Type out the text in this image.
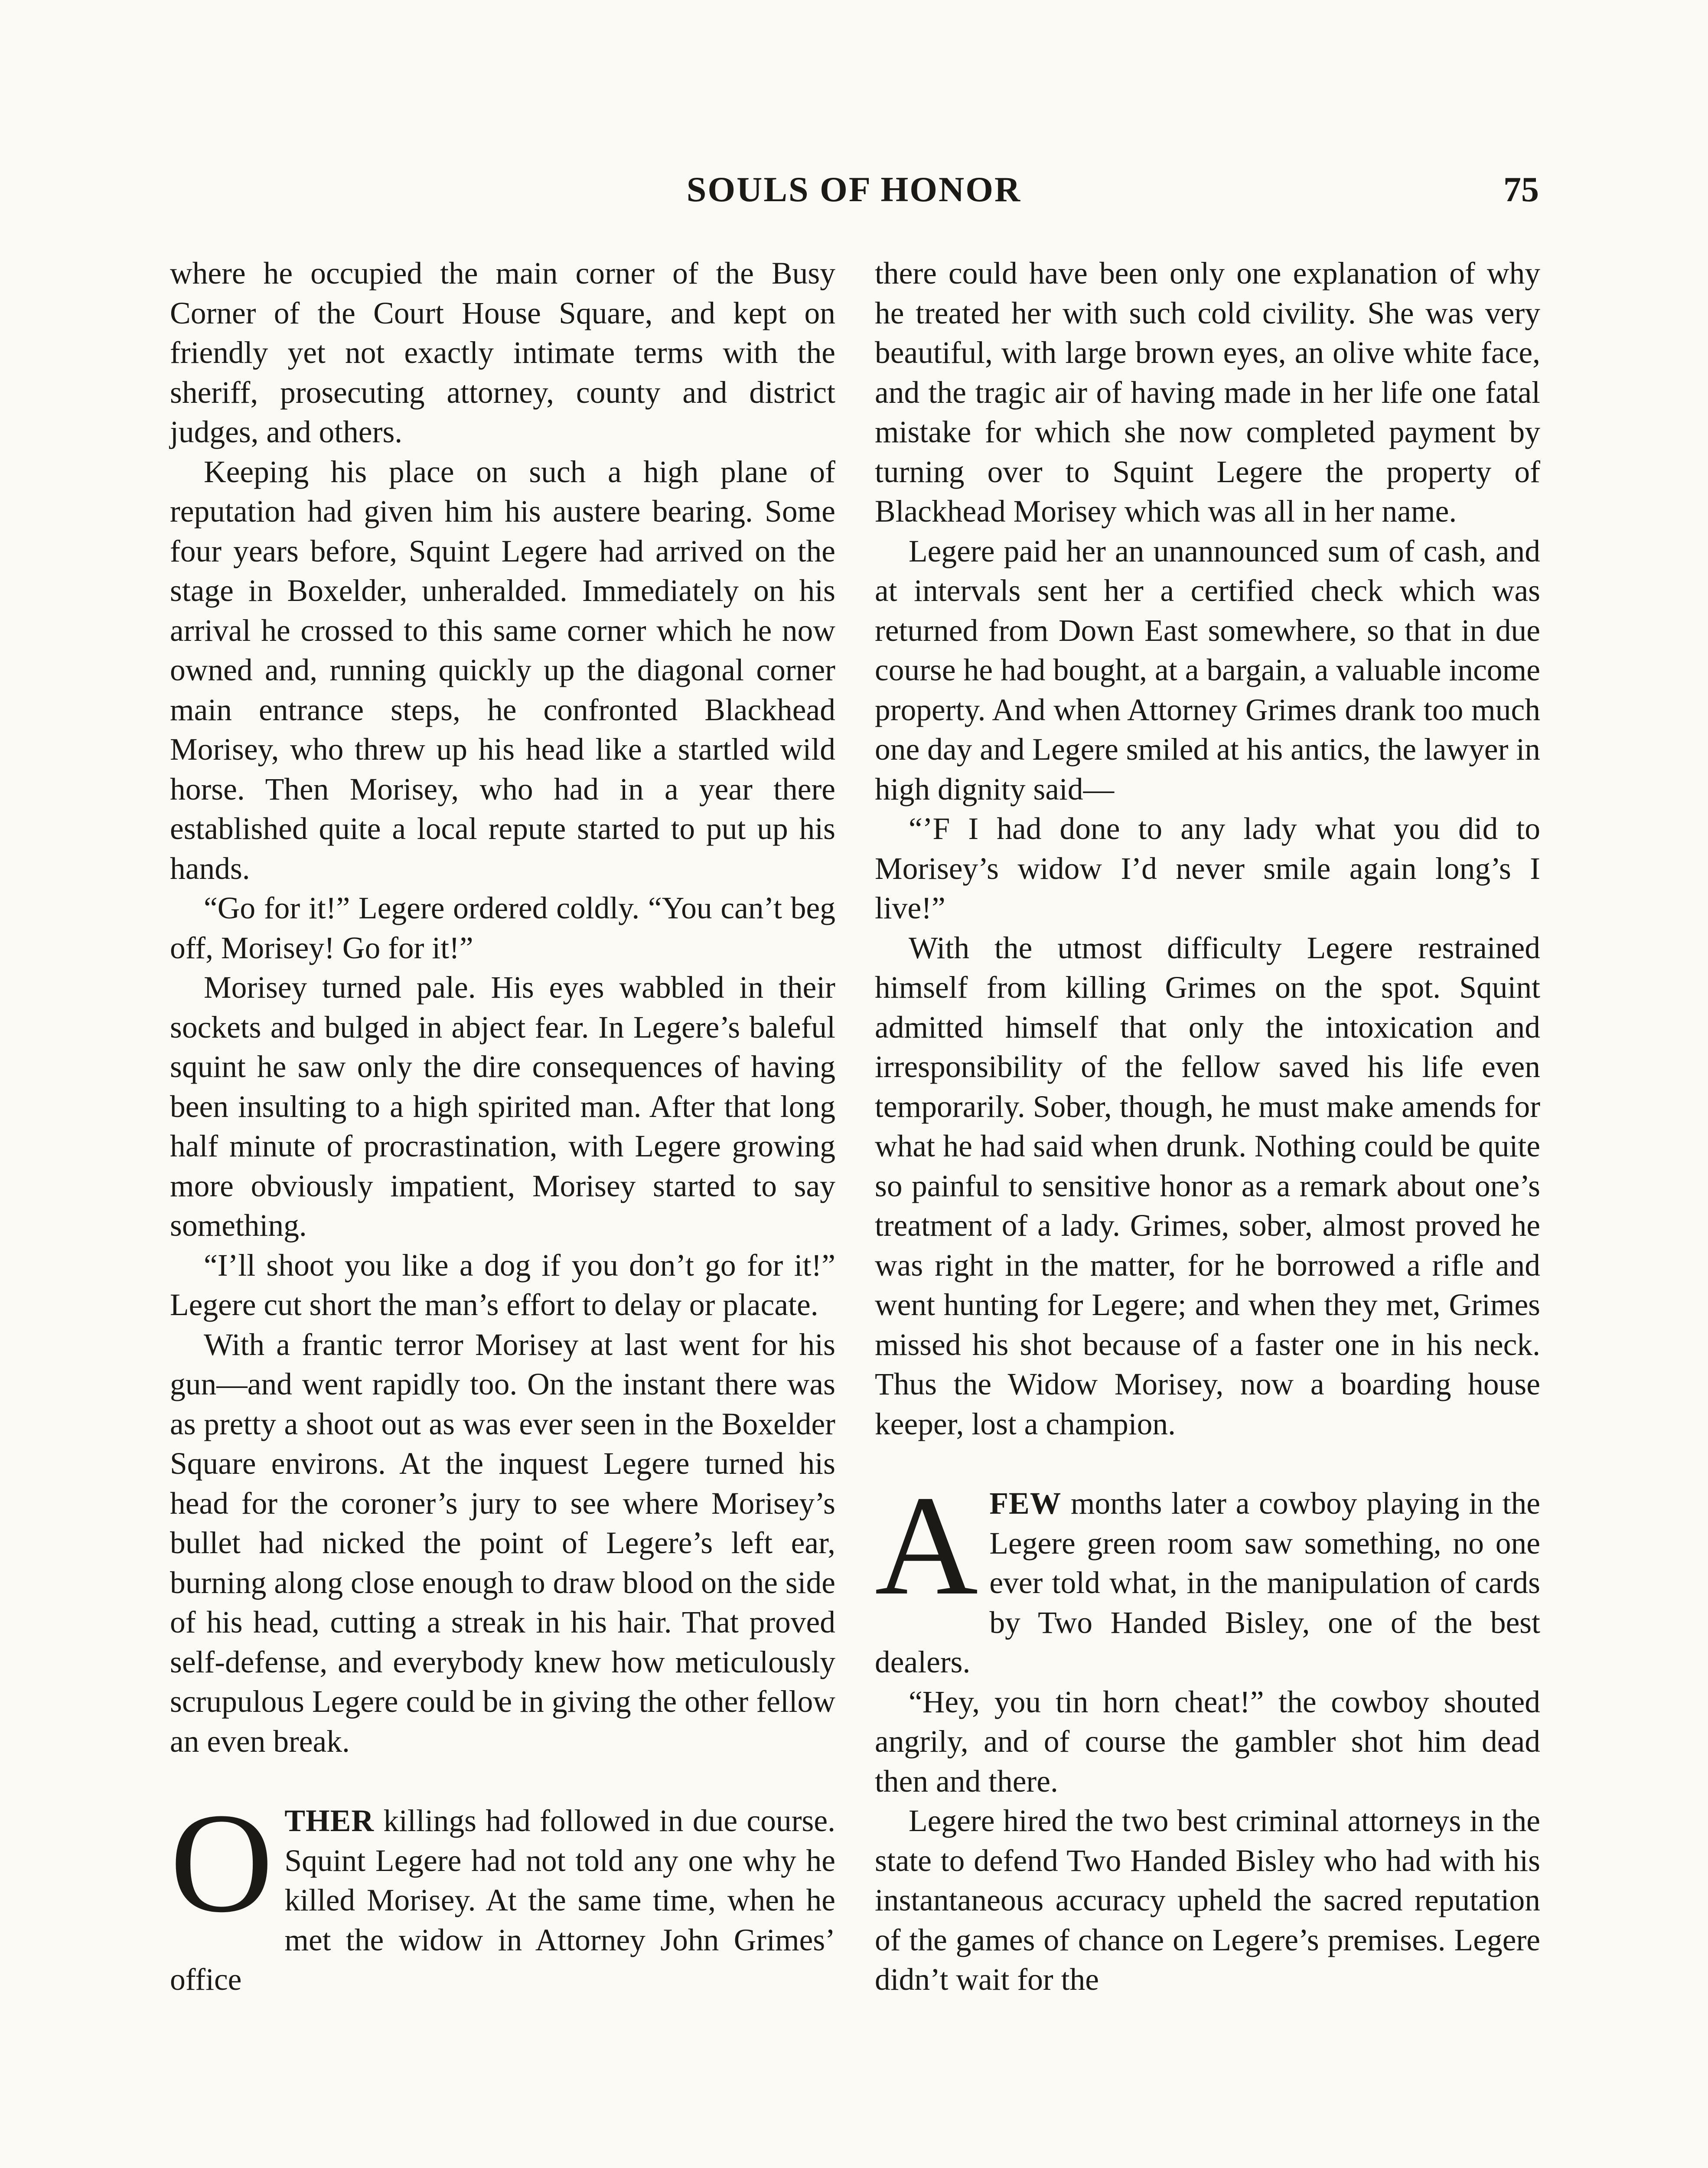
SOULS OF HONOR	75

where he occupied the main corner of the Busy Corner of the Court House Square, and kept on friendly yet not exactly intimate terms with the sheriff, prosecuting attorney, county and district judges, and others.

Keeping his place on such a high plane of reputation had given him his austere bearing. Some four years before, Squint Legere had arrived on the stage in Boxelder, unheralded. Immediately on his arrival he crossed to this same corner which he now owned and, running quickly up the diagonal corner main entrance steps, he confronted Blackhead Morisey, who threw up his head like a startled wild horse. Then Morisey, who had in a year there established quite a local repute started to put up his hands.

“Go for it!” Legere ordered coldly. “You can’t beg off, Morisey! Go for it!”

Morisey turned pale. His eyes wabbled in their sockets and bulged in abject fear. In Legere’s baleful squint he saw only the dire consequences of having been insulting to a high spirited man. After that long half minute of procrastination, with Legere growing more obviously impatient, Morisey started to say something.

“I’ll shoot you like a dog if you don’t go for it!” Legere cut short the man’s effort to delay or placate.

With a frantic terror Morisey at last went for his gun—and went rapidly too. On the instant there was as pretty a shoot out as was ever seen in the Boxelder Square environs. At the inquest Legere turned his head for the coroner’s jury to see where Morisey’s bullet had nicked the point of Legere’s left ear, burning along close enough to draw blood on the side of his head, cutting a streak in his hair. That proved self-defense, and everybody knew how meticulously scrupulous Legere could be in giving the other fellow an even break.

OTHER killings had followed in due course. Squint Legere had not told any one why he killed Morisey. At the same time, when he met the widow in Attorney John Grimes’ office

there could have been only one explanation of why he treated her with such cold civility. She was very beautiful, with large brown eyes, an olive white face, and the tragic air of having made in her life one fatal mistake for which she now completed payment by turning over to Squint Legere the property of Blackhead Morisey which was all in her name.

Legere paid her an unannounced sum of cash, and at intervals sent her a certified check which was returned from Down East somewhere, so that in due course he had bought, at a bargain, a valuable income property. And when Attorney Grimes drank too much one day and Legere smiled at his antics, the lawyer in high dignity said—

“’F I had done to any lady what you did to Morisey’s widow I’d never smile again long’s I live!”

With the utmost difficulty Legere restrained himself from killing Grimes on the spot. Squint admitted himself that only the intoxication and irresponsibility of the fellow saved his life even temporarily. Sober, though, he must make amends for what he had said when drunk. Nothing could be quite so painful to sensitive honor as a remark about one’s treatment of a lady. Grimes, sober, almost proved he was right in the matter, for he borrowed a rifle and went hunting for Legere; and when they met, Grimes missed his shot because of a faster one in his neck. Thus the Widow Morisey, now a boarding house keeper, lost a champion.

AFEW months later a cowboy playing in the Legere green room saw something, no one ever told what, in the manipulation of cards by Two Handed Bisley, one of the best dealers.

“Hey, you tin horn cheat!” the cowboy shouted angrily, and of course the gambler shot him dead then and there.

Legere hired the two best criminal attorneys in the state to defend Two Handed Bisley who had with his instantaneous accuracy upheld the sacred reputation of the games of chance on Legere’s premises. Legere didn’t wait for the
